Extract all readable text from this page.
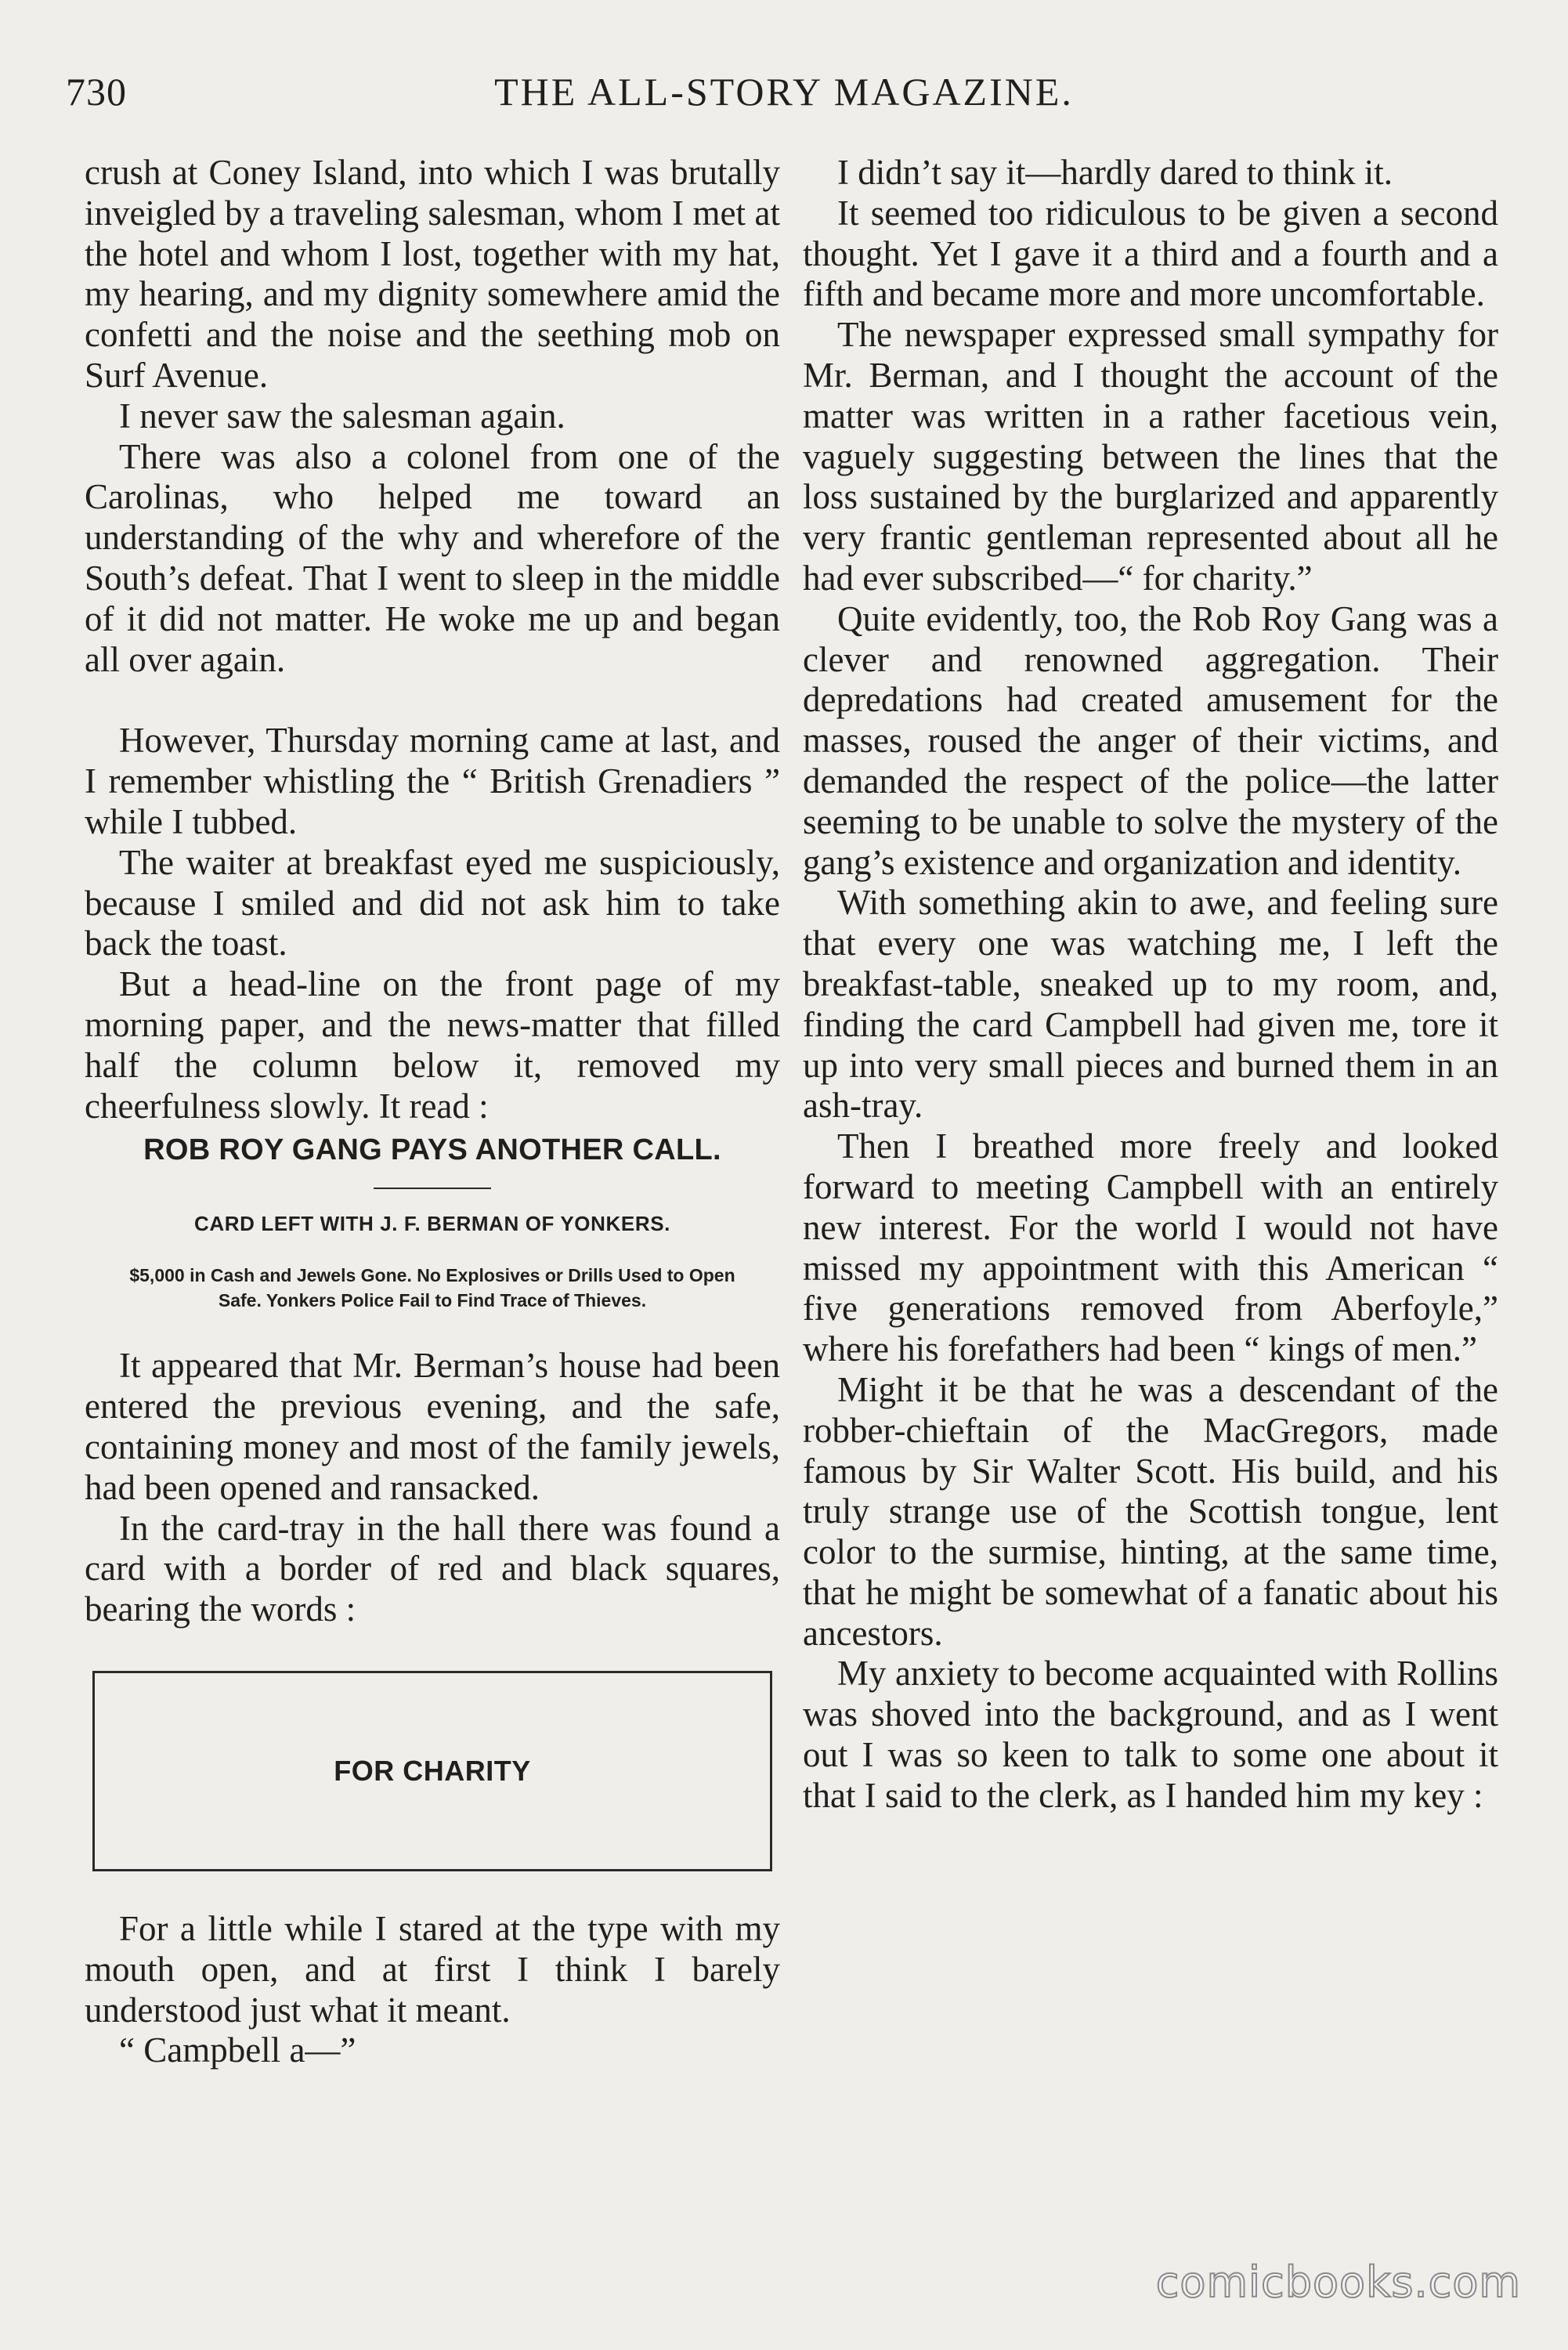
730	THE ALL-STORY MAGAZINE.

crush at Coney Island, into which I was brutally inveigled by a traveling salesman, whom I met at the hotel and whom I lost, together with my hat, my hearing, and my dignity somewhere amid the confetti and the noise and the seething mob on Surf Avenue.

I never saw the salesman again.

There was also a colonel from one of the Carolinas, who helped me toward an understanding of the why and wherefore of the South’s defeat. That I went to sleep in the middle of it did not matter. He woke me up and began all over again.

However, Thursday morning came at last, and I remember whistling the “ British Grenadiers ” while I tubbed.

The waiter at breakfast eyed me suspiciously, because I smiled and did not ask him to take back the toast.

But a head-line on the front page of my morning paper, and the news-matter that filled half the column below it, removed my cheerfulness slowly. It read :

ROB ROY GANG PAYS ANOTHER CALL.
CARD LEFT WITH J. F. BERMAN OF YONKERS.
$5,000 in Cash and Jewels Gone. No Explosives or Drills Used to Open Safe. Yonkers Police Fail to Find Trace of Thieves.

It appeared that Mr. Berman’s house had been entered the previous evening, and the safe, containing money and most of the family jewels, had been opened and ransacked.

In the card-tray in the hall there was found a card with a border of red and black squares, bearing the words :

FOR CHARITY

For a little while I stared at the type with my mouth open, and at first I think I barely understood just what it meant.

“ Campbell a—”

I didn’t say it—hardly dared to think it.

It seemed too ridiculous to be given a second thought. Yet I gave it a third and a fourth and a fifth and became more and more uncomfortable.

The newspaper expressed small sympathy for Mr. Berman, and I thought the account of the matter was written in a rather facetious vein, vaguely suggesting between the lines that the loss sustained by the burglarized and apparently very frantic gentleman represented about all he had ever subscribed—“ for charity.”

Quite evidently, too, the Rob Roy Gang was a clever and renowned aggregation. Their depredations had created amusement for the masses, roused the anger of their victims, and demanded the respect of the police—the latter seeming to be unable to solve the mystery of the gang’s existence and organization and identity.

With something akin to awe, and feeling sure that every one was watching me, I left the breakfast-table, sneaked up to my room, and, finding the card Campbell had given me, tore it up into very small pieces and burned them in an ash-tray.

Then I breathed more freely and looked forward to meeting Campbell with an entirely new interest. For the world I would not have missed my appointment with this American “ five generations removed from Aberfoyle,” where his forefathers had been “ kings of men.”

Might it be that he was a descendant of the robber-chieftain of the MacGregors, made famous by Sir Walter Scott. His build, and his truly strange use of the Scottish tongue, lent color to the surmise, hinting, at the same time, that he might be somewhat of a fanatic about his ancestors.

My anxiety to become acquainted with Rollins was shoved into the background, and as I went out I was so keen to talk to some one about it that I said to the clerk, as I handed him my key :

comicbooks.com
